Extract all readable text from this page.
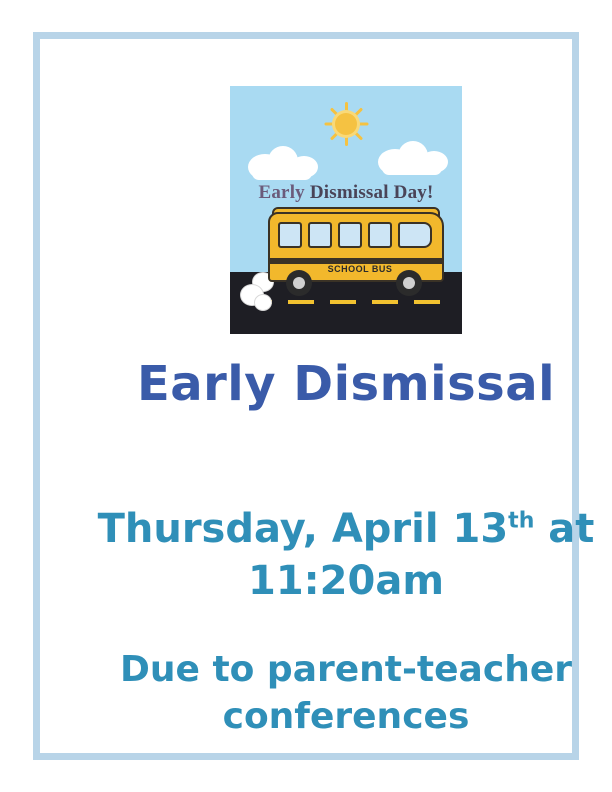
Early Dismissal Day!
SCHOOL BUS
Early Dismissal
Thursday, April 13th at
11:20am
Due to parent-teacher
conferences
